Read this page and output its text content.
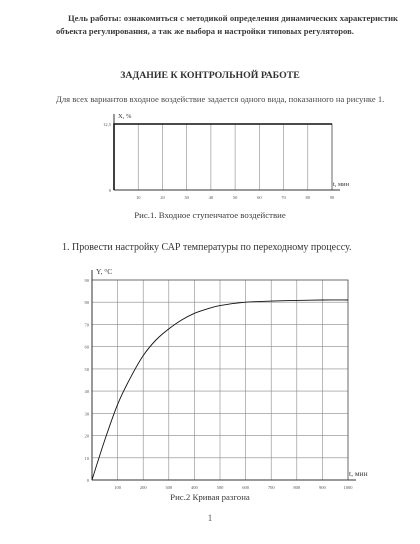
Цель работы: ознакомиться с методикой определения динамических характеристик объекта регулирования, а так же выбора и настройки типовых регуляторов.
ЗАДАНИЕ К КОНТРОЛЬНОЙ РАБОТЕ
Для всех вариантов входное воздействие задается одного вида, показанного на рисунке 1.
10	20	30	40	50	60	70	80	90
0
12,5
X, %
t, мин
Рис.1. Входное ступенчатое воздействие
1. Провести настройку САР температуры по переходному процессу.
100	200	300	400	500	600	700	800	900	1000
0
10
20
30
40
50
60
70
80
90
Y, °C
t, мин
Рис.2 Кривая разгона
1
